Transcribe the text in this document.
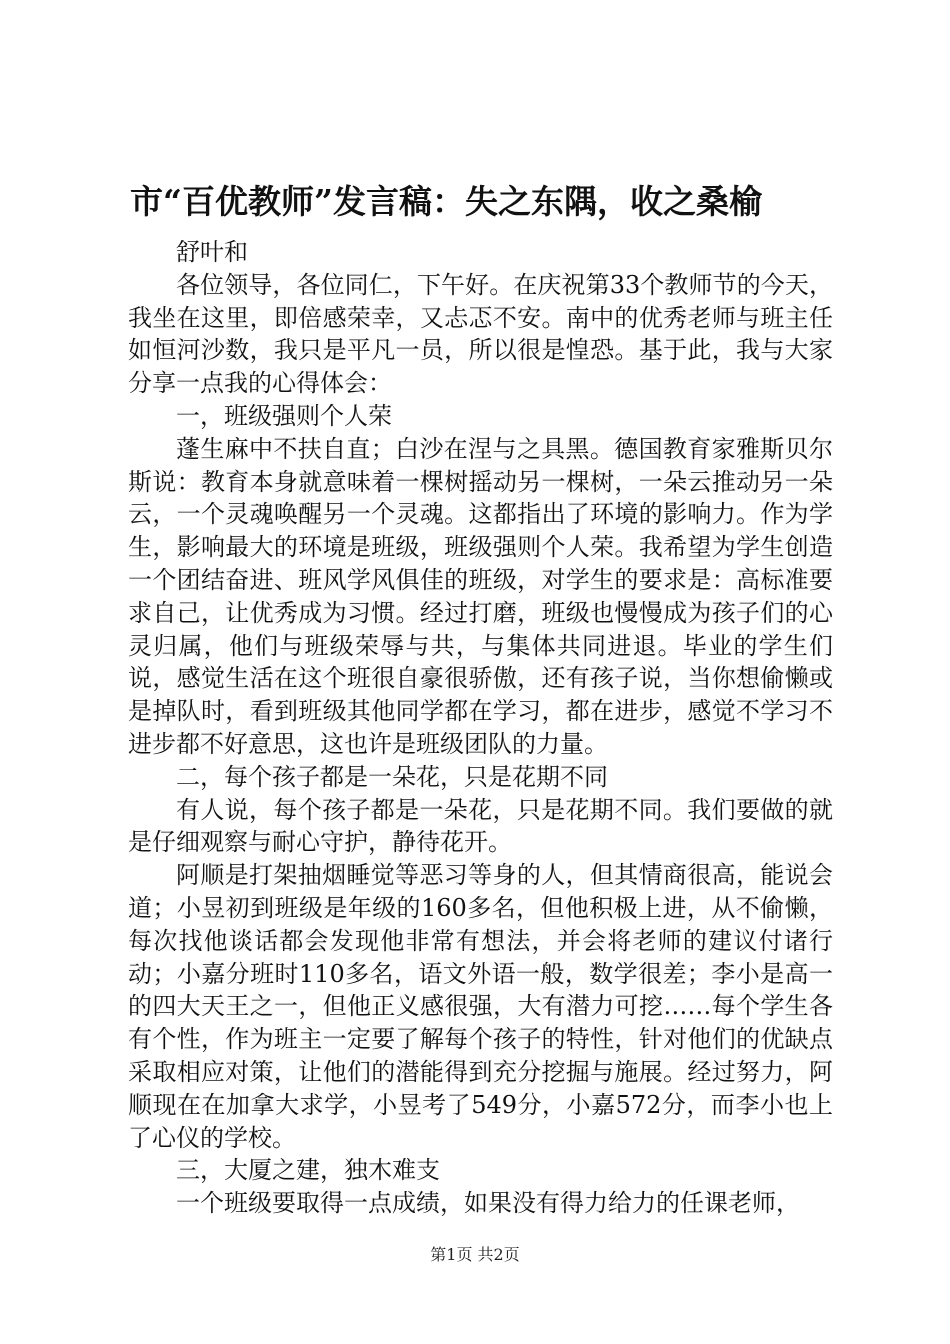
市“百优教师”发言稿：失之东隅，收之桑榆

舒叶和

各位领导，各位同仁，下午好。在庆祝第33个教师节的今天，我坐在这里，即倍感荣幸，又忐忑不安。南中的优秀老师与班主任如恒河沙数，我只是平凡一员，所以很是惶恐。基于此，我与大家分享一点我的心得体会：

一，班级强则个人荣

蓬生麻中不扶自直；白沙在涅与之具黑。德国教育家雅斯贝尔斯说：教育本身就意味着一棵树摇动另一棵树，一朵云推动另一朵云，一个灵魂唤醒另一个灵魂。这都指出了环境的影响力。作为学生，影响最大的环境是班级，班级强则个人荣。我希望为学生创造一个团结奋进、班风学风俱佳的班级，对学生的要求是：高标准要求自己，让优秀成为习惯。经过打磨，班级也慢慢成为孩子们的心灵归属，他们与班级荣辱与共，与集体共同进退。毕业的学生们说，感觉生活在这个班很自豪很骄傲，还有孩子说，当你想偷懒或是掉队时，看到班级其他同学都在学习，都在进步，感觉不学习不进步都不好意思，这也许是班级团队的力量。

二，每个孩子都是一朵花，只是花期不同

有人说，每个孩子都是一朵花，只是花期不同。我们要做的就是仔细观察与耐心守护，静待花开。

阿顺是打架抽烟睡觉等恶习等身的人，但其情商很高，能说会道；小昱初到班级是年级的160多名，但他积极上进，从不偷懒，每次找他谈话都会发现他非常有想法，并会将老师的建议付诸行动；小嘉分班时110多名，语文外语一般，数学很差；李小是高一的四大天王之一，但他正义感很强，大有潜力可挖……每个学生各有个性，作为班主一定要了解每个孩子的特性，针对他们的优缺点采取相应对策，让他们的潜能得到充分挖掘与施展。经过努力，阿顺现在在加拿大求学，小昱考了549分，小嘉572分，而李小也上了心仪的学校。

三，大厦之建，独木难支

一个班级要取得一点成绩，如果没有得力给力的任课老师，

第1页 共2页
